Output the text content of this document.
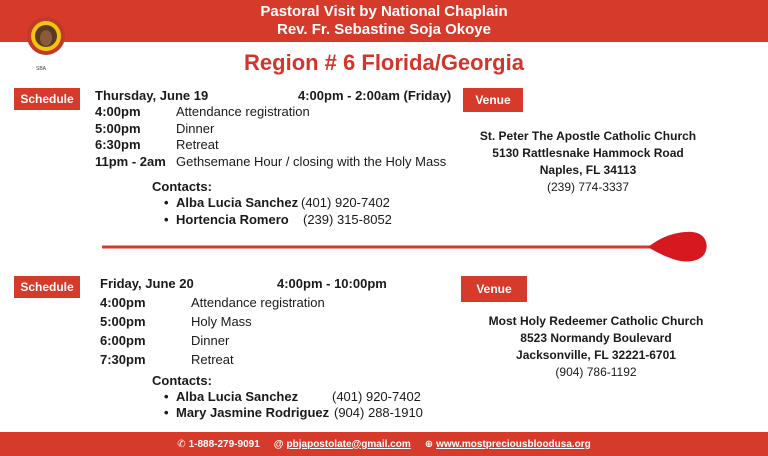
Pastoral Visit by National Chaplain
Rev. Fr. Sebastine Soja Okoye
SBA	Region # 6 Florida/Georgia
Schedule	Thursday, June 19	4:00pm - 2:00am (Friday)
4:00pm	Attendance registration
5:00pm	Dinner
6:30pm	Retreat
11pm - 2am Gethsemane Hour / closing with the Holy Mass
Contacts:
• Alba Lucia Sanchez (401) 920-7402
• Hortencia Romero (239) 315-8052
Venue
St. Peter The Apostle Catholic Church
5130 Rattlesnake Hammock Road
Naples, FL 34113
(239) 774-3337
Schedule	Friday, June 20	4:00pm - 10:00pm
4:00pm	Attendance registration
5:00pm	Holy Mass
6:00pm	Dinner
7:30pm	Retreat
Contacts:
• Alba Lucia Sanchez	(401) 920-7402
• Mary Jasmine Rodriguez (904) 288-1910
Venue
Most Holy Redeemer Catholic Church
8523 Normandy Boulevard
Jacksonville, FL 32221-6701
(904) 786-1192
✆ 1-888-279-9091 @ pbjapostolate@gmail.com ⊕ www.mostpreciousbloodusa.org
